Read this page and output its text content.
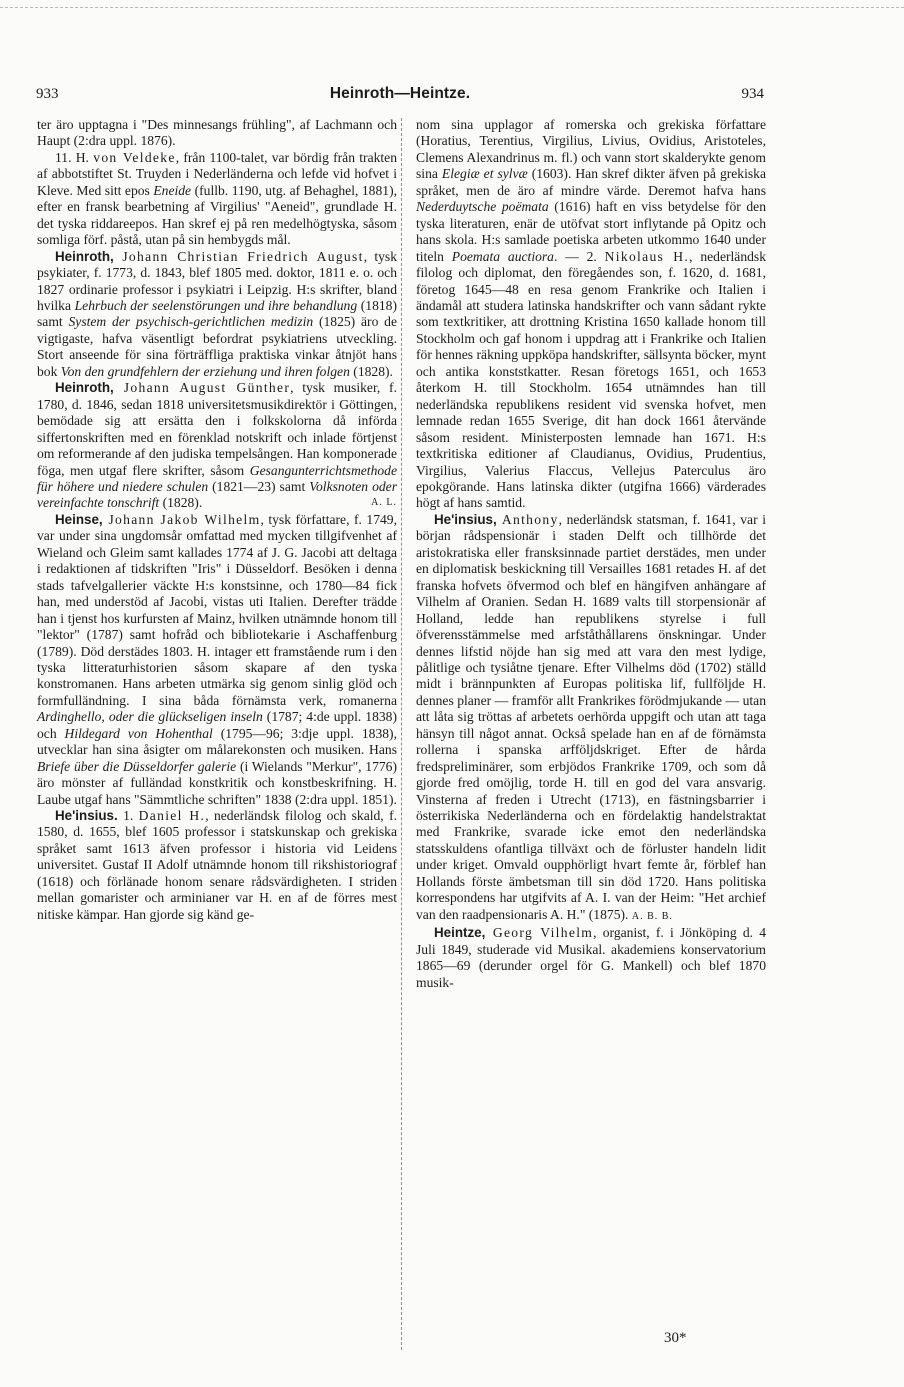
933	Heinroth—Heintze.	934

ter äro upptagna i "Des minnesangs frühling", af Lachmann och Haupt (2:dra uppl. 1876).

11. H. von Veldeke, från 1100-talet, var bördig från trakten af abbotstiftet St. Truyden i Nederländerna och lefde vid hofvet i Kleve. Med sitt epos Eneide (fullb. 1190, utg. af Behaghel, 1881), efter en fransk bearbetning af Virgilius' "Aeneid", grundlade H. det tyska riddareepos. Han skref ej på ren medelhögtyska, såsom somliga förf. påstå, utan på sin hembygds mål.

Heinroth, Johann Christian Friedrich August, tysk psykiater, f. 1773, d. 1843, blef 1805 med. doktor, 1811 e. o. och 1827 ordinarie professor i psykiatri i Leipzig. H:s skrifter, bland hvilka Lehrbuch der seelenstörungen und ihre behandlung (1818) samt System der psychisch-gerichtlichen medizin (1825) äro de vigtigaste, hafva väsentligt befordrat psykiatriens utveckling. Stort anseende för sina förträffliga praktiska vinkar åtnjöt hans bok Von den grundfehlern der erziehung und ihren folgen (1828).

Heinroth, Johann August Günther, tysk musiker, f. 1780, d. 1846, sedan 1818 universitetsmusikdirektör i Göttingen, bemödade sig att ersätta den i folkskolorna då införda siffertonskriften med en förenklad notskrift och inlade förtjenst om reformerande af den judiska tempelsången. Han komponerade föga, men utgaf flere skrifter, såsom Gesangunterrichtsmethode für höhere und niedere schulen (1821—23) samt Volksnoten oder vereinfachte tonschrift (1828).	A. L.

Heinse, Johann Jakob Wilhelm, tysk författare, f. 1749, var under sina ungdomsår omfattad med mycken tillgifvenhet af Wieland och Gleim samt kallades 1774 af J. G. Jacobi att deltaga i redaktionen af tidskriften "Iris" i Düsseldorf. Besöken i denna stads tafvelgallerier väckte H:s konstsinne, och 1780—84 fick han, med understöd af Jacobi, vistas uti Italien. Derefter trädde han i tjenst hos kurfursten af Mainz, hvilken utnämnde honom till "lektor" (1787) samt hofråd och bibliotekarie i Aschaffenburg (1789). Död derstädes 1803. H. intager ett framstående rum i den tyska litteraturhistorien såsom skapare af den tyska konstromanen. Hans arbeten utmärka sig genom sinlig glöd och formfulländning. I sina båda förnämsta verk, romanerna Ardinghello, oder die glückseligen inseln (1787; 4:de uppl. 1838) och Hildegard von Hohenthal (1795—96; 3:dje uppl. 1838), utvecklar han sina åsigter om målarekonsten och musiken. Hans Briefe über die Düsseldorfer galerie (i Wielands "Merkur", 1776) äro mönster af fulländad konstkritik och konstbeskrifning. H. Laube utgaf hans "Sämmtliche schriften" 1838 (2:dra uppl. 1851).

He'insius. 1. Daniel H., nederländsk filolog och skald, f. 1580, d. 1655, blef 1605 professor i statskunskap och grekiska språket samt 1613 äfven professor i historia vid Leidens universitet. Gustaf II Adolf utnämnde honom till rikshistoriograf (1618) och förlänade honom senare rådsvärdigheten. I striden mellan gomarister och arminianer var H. en af de förres mest nitiske kämpar. Han gjorde sig känd ge-

nom sina upplagor af romerska och grekiska författare (Horatius, Terentius, Virgilius, Livius, Ovidius, Aristoteles, Clemens Alexandrinus m. fl.) och vann stort skalderykte genom sina Elegiæ et sylvæ (1603). Han skref dikter äfven på grekiska språket, men de äro af mindre värde. Deremot hafva hans Nederduytsche poëmata (1616) haft en viss betydelse för den tyska literaturen, enär de utöfvat stort inflytande på Opitz och hans skola. H:s samlade poetiska arbeten utkommo 1640 under titeln Poemata auctiora. — 2. Nikolaus H., nederländsk filolog och diplomat, den föregåendes son, f. 1620, d. 1681, företog 1645—48 en resa genom Frankrike och Italien i ändamål att studera latinska handskrifter och vann sådant rykte som textkritiker, att drottning Kristina 1650 kallade honom till Stockholm och gaf honom i uppdrag att i Frankrike och Italien för hennes räkning uppköpa handskrifter, sällsynta böcker, mynt och antika konststkatter. Resan företogs 1651, och 1653 återkom H. till Stockholm. 1654 utnämndes han till nederländska republikens resident vid svenska hofvet, men lemnade redan 1655 Sverige, dit han dock 1661 återvände såsom resident. Ministerposten lemnade han 1671. H:s textkritiska editioner af Claudianus, Ovidius, Prudentius, Virgilius, Valerius Flaccus, Vellejus Paterculus äro epokgörande. Hans latinska dikter (utgifna 1666) värderades högt af hans samtid.

He'insius, Anthony, nederländsk statsman, f. 1641, var i början rådspensionär i staden Delft och tillhörde det aristokratiska eller fransksinnade partiet derstädes, men under en diplomatisk beskickning till Versailles 1681 retades H. af det franska hofvets öfvermod och blef en hängifven anhängare af Vilhelm af Oranien. Sedan H. 1689 valts till storpensionär af Holland, ledde han republikens styrelse i full öfverensstämmelse med arfståthållarens önskningar. Under dennes lifstid nöjde han sig med att vara den mest lydige, pålitlige och tysiåtne tjenare. Efter Vilhelms död (1702) ställd midt i brännpunkten af Europas politiska lif, fullföljde H. dennes planer — framför allt Frankrikes förödmjukande — utan att låta sig tröttas af arbetets oerhörda uppgift och utan att taga hänsyn till något annat. Också spelade han en af de förnämsta rollerna i spanska arfföljdskriget. Efter de hårda fredspreliminärer, som erbjödos Frankrike 1709, och som då gjorde fred omöjlig, torde H. till en god del vara ansvarig. Vinsterna af freden i Utrecht (1713), en fästningsbarrier i österrikiska Nederländerna och en fördelaktig handelstraktat med Frankrike, svarade icke emot den nederländska statsskuldens ofantliga tillväxt och de förluster handeln lidit under kriget. Omvald oupphörligt hvart femte år, förblef han Hollands förste ämbetsman till sin död 1720. Hans politiska korrespondens har utgifvits af A. I. van der Heim: "Het archief van den raadpensionaris A. H." (1875). A. B. B.

Heintze, Georg Vilhelm, organist, f. i Jönköping d. 4 Juli 1849, studerade vid Musikal. akademiens konservatorium 1865—69 (derunder orgel för G. Mankell) och blef 1870 musik-

30*
